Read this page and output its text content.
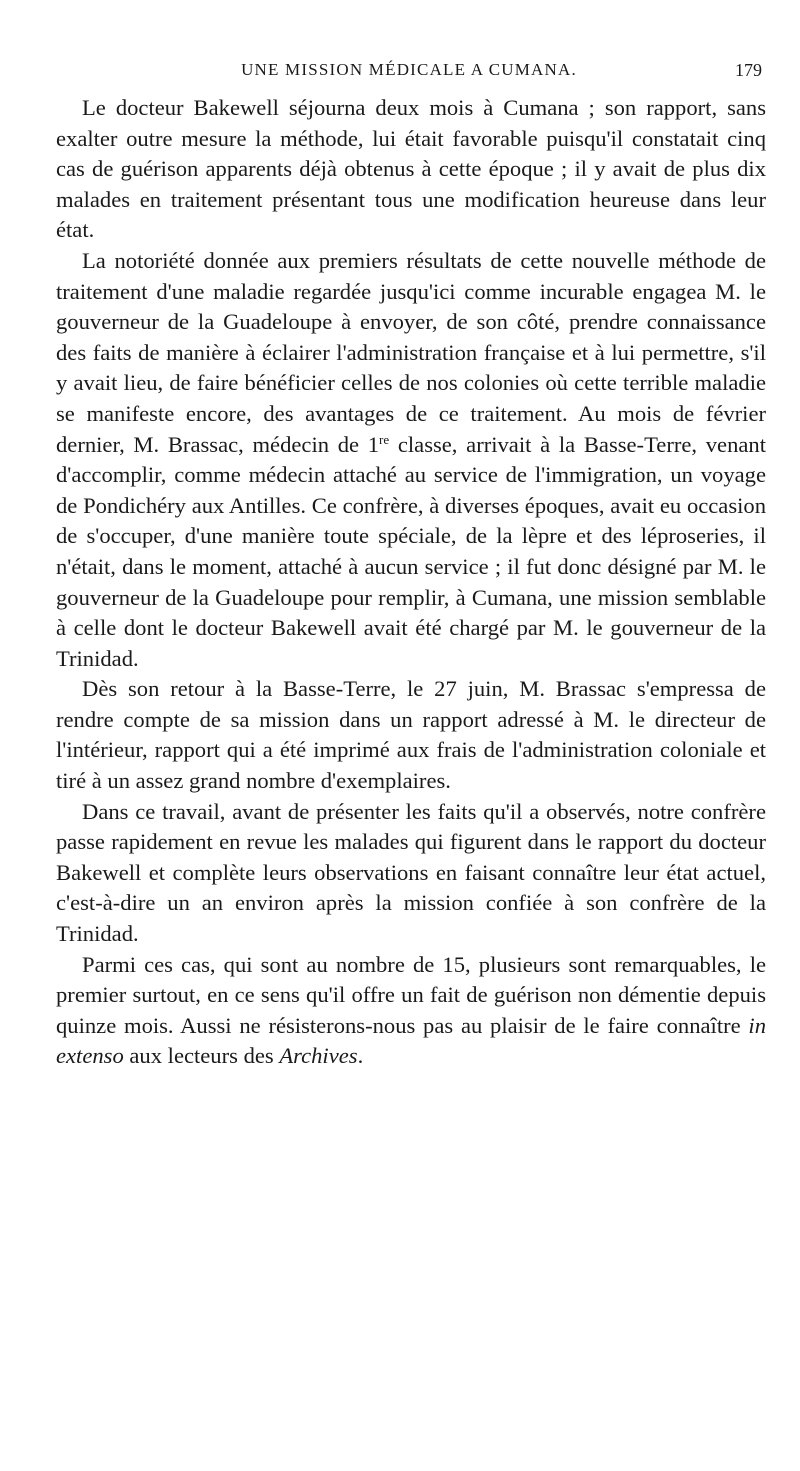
UNE MISSION MÉDICALE A CUMANA.	179

Le docteur Bakewell séjourna deux mois à Cumana ; son rapport, sans exalter outre mesure la méthode, lui était favorable puisqu'il constatait cinq cas de guérison apparents déjà obtenus à cette époque ; il y avait de plus dix malades en traitement présentant tous une modification heureuse dans leur état.

La notoriété donnée aux premiers résultats de cette nouvelle méthode de traitement d'une maladie regardée jusqu'ici comme incurable engagea M. le gouverneur de la Guadeloupe à envoyer, de son côté, prendre connaissance des faits de manière à éclairer l'administration française et à lui permettre, s'il y avait lieu, de faire bénéficier celles de nos colonies où cette terrible maladie se manifeste encore, des avantages de ce traitement. Au mois de février dernier, M. Brassac, médecin de 1re classe, arrivait à la Basse-Terre, venant d'accomplir, comme médecin attaché au service de l'immigration, un voyage de Pondichéry aux Antilles. Ce confrère, à diverses époques, avait eu occasion de s'occuper, d'une manière toute spéciale, de la lèpre et des léproseries, il n'était, dans le moment, attaché à aucun service ; il fut donc désigné par M. le gouverneur de la Guadeloupe pour remplir, à Cumana, une mission semblable à celle dont le docteur Bakewell avait été chargé par M. le gouverneur de la Trinidad.

Dès son retour à la Basse-Terre, le 27 juin, M. Brassac s'empressa de rendre compte de sa mission dans un rapport adressé à M. le directeur de l'intérieur, rapport qui a été imprimé aux frais de l'administration coloniale et tiré à un assez grand nombre d'exemplaires.

Dans ce travail, avant de présenter les faits qu'il a observés, notre confrère passe rapidement en revue les malades qui figurent dans le rapport du docteur Bakewell et complète leurs observations en faisant connaître leur état actuel, c'est-à-dire un an environ après la mission confiée à son confrère de la Trinidad.

Parmi ces cas, qui sont au nombre de 15, plusieurs sont remarquables, le premier surtout, en ce sens qu'il offre un fait de guérison non démentie depuis quinze mois. Aussi ne résisterons-nous pas au plaisir de le faire connaître in extenso aux lecteurs des Archives.
